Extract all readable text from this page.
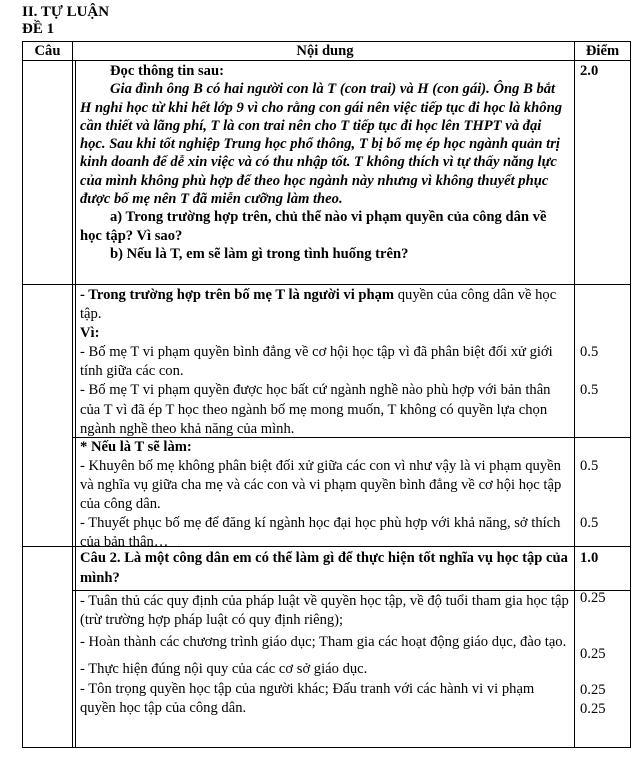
II. TỰ LUẬN
ĐỀ 1
Câu	Nội dung	Điểm

Đọc thông tin sau:

Gia đình ông B có hai người con là T (con trai) và H (con gái). Ông B bắt H nghỉ học từ khi hết lớp 9 vì cho rằng con gái nên việc tiếp tục đi học là không cần thiết và lãng phí, T là con trai nên cho T tiếp tục đi học lên THPT và đại học. Sau khi tốt nghiệp Trung học phổ thông, T bị bố mẹ ép học ngành quản trị kinh doanh để dễ xin việc và có thu nhập tốt. T không thích vì tự thấy năng lực của mình không phù hợp để theo học ngành này nhưng vì không thuyết phục được bố mẹ nên T đã miễn cưỡng làm theo.

a) Trong trường hợp trên, chủ thể nào vi phạm quyền của công dân về học tập? Vì sao?

b) Nếu là T, em sẽ làm gì trong tình huống trên?

2.0

- Trong trường hợp trên bố mẹ T là người vi phạm quyền của công dân về học tập.

Vì:

- Bố mẹ T vi phạm quyền bình đẳng về cơ hội học tập vì đã phân biệt đối xử giới tính giữa các con.

- Bố mẹ T vi phạm quyền được học bất cứ ngành nghề nào phù hợp với bản thân của T vì đã ép T học theo ngành bố mẹ mong muốn, T không có quyền lựa chọn ngành nghề theo khả năng của mình.

0.5
0.5

* Nếu là T sẽ làm:

- Khuyên bố mẹ không phân biệt đối xử giữa các con vì như vậy là vi phạm quyền và nghĩa vụ giữa cha mẹ và các con và vi phạm quyền bình đẳng về cơ hội học tập của công dân.

- Thuyết phục bố mẹ để đăng kí ngành học đại học phù hợp với khả năng, sở thích của bản thân…

0.5
0.5
Câu 2. Là một công dân em có thể làm gì để thực hiện tốt nghĩa vụ học tập của mình?
1.0

- Tuân thủ các quy định của pháp luật về quyền học tập, về độ tuổi tham gia học tập (trừ trường hợp pháp luật có quy định riêng);

- Hoàn thành các chương trình giáo dục; Tham gia các hoạt động giáo dục, đào tạo.

- Thực hiện đúng nội quy của các cơ sở giáo dục.

- Tôn trọng quyền học tập của người khác; Đấu tranh với các hành vi vi phạm quyền học tập của công dân.

0.25
0.25
0.25
0.25
